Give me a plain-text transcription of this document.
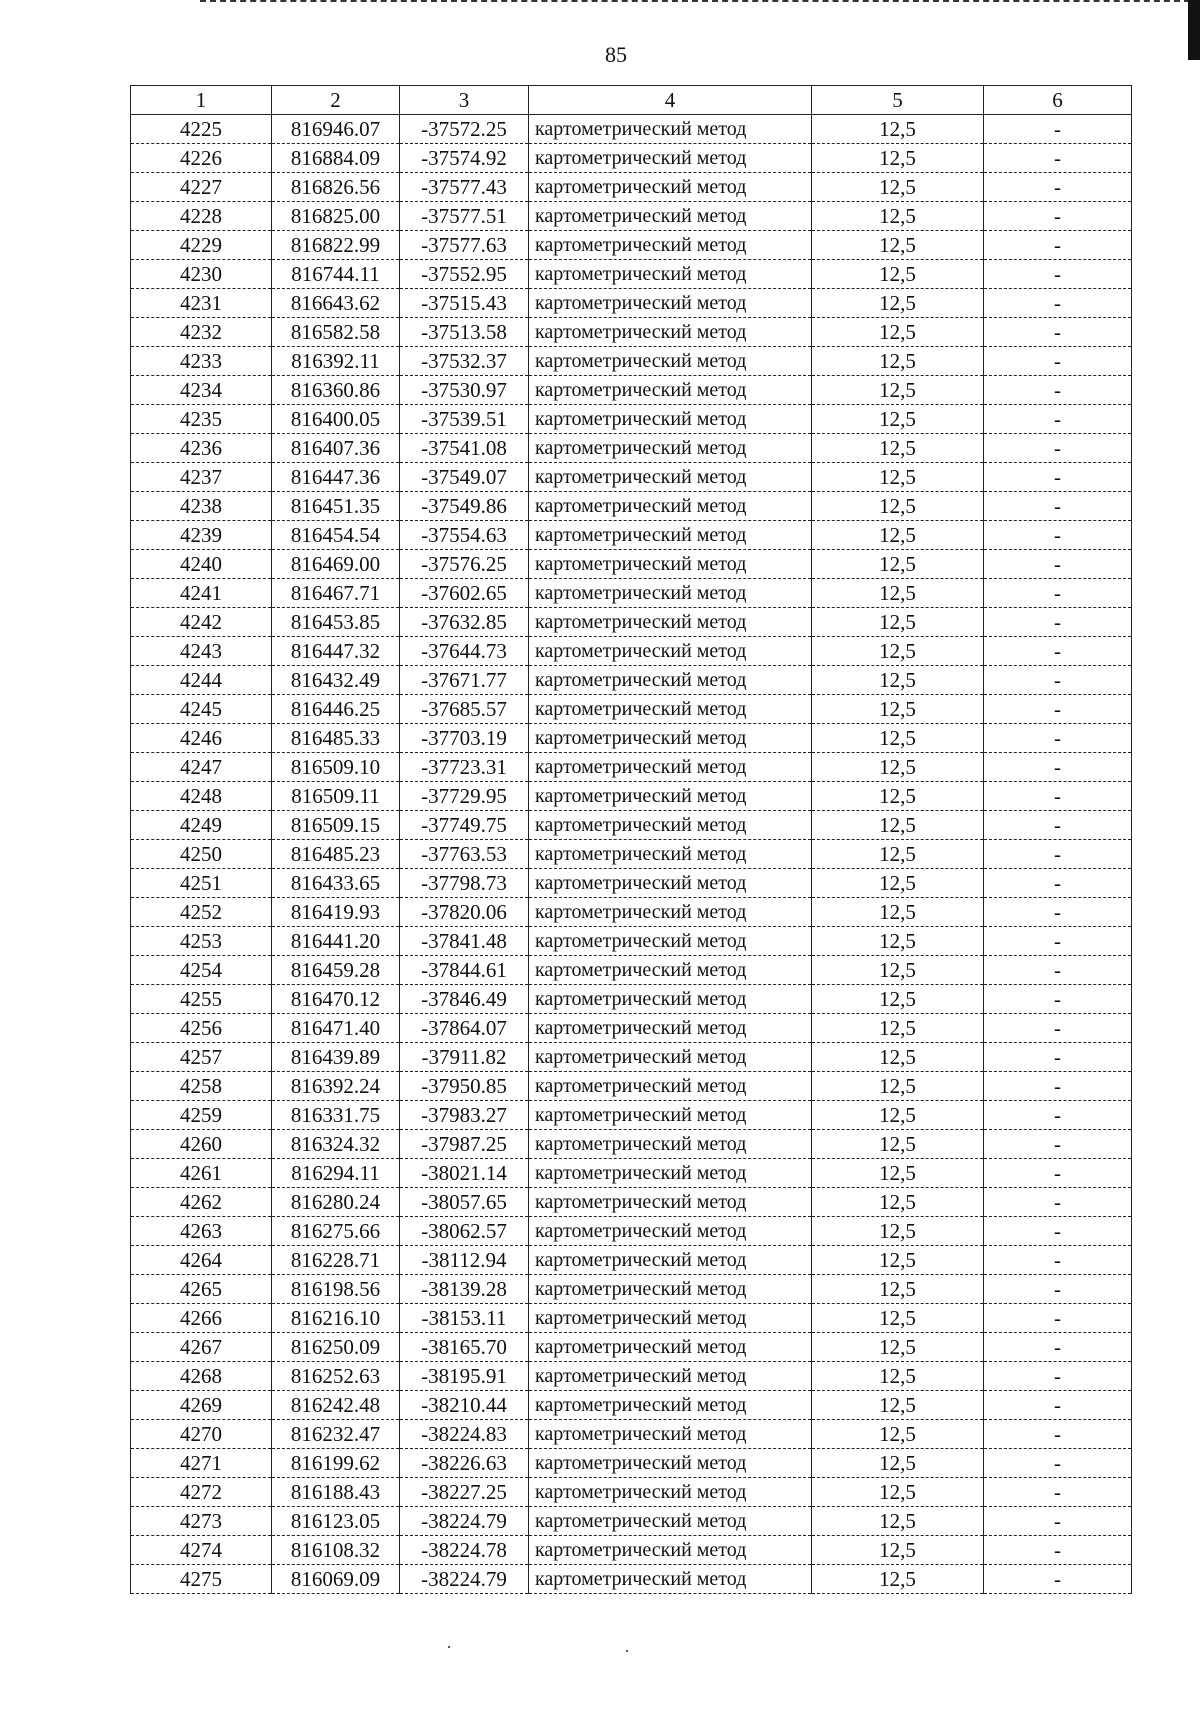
85
1	2	3	4	5	6
4225	816946.07	-37572.25	картометрический метод	12,5	-
4226	816884.09	-37574.92	картометрический метод	12,5	-
4227	816826.56	-37577.43	картометрический метод	12,5	-
4228	816825.00	-37577.51	картометрический метод	12,5	-
4229	816822.99	-37577.63	картометрический метод	12,5	-
4230	816744.11	-37552.95	картометрический метод	12,5	-
4231	816643.62	-37515.43	картометрический метод	12,5	-
4232	816582.58	-37513.58	картометрический метод	12,5	-
4233	816392.11	-37532.37	картометрический метод	12,5	-
4234	816360.86	-37530.97	картометрический метод	12,5	-
4235	816400.05	-37539.51	картометрический метод	12,5	-
4236	816407.36	-37541.08	картометрический метод	12,5	-
4237	816447.36	-37549.07	картометрический метод	12,5	-
4238	816451.35	-37549.86	картометрический метод	12,5	-
4239	816454.54	-37554.63	картометрический метод	12,5	-
4240	816469.00	-37576.25	картометрический метод	12,5	-
4241	816467.71	-37602.65	картометрический метод	12,5	-
4242	816453.85	-37632.85	картометрический метод	12,5	-
4243	816447.32	-37644.73	картометрический метод	12,5	-
4244	816432.49	-37671.77	картометрический метод	12,5	-
4245	816446.25	-37685.57	картометрический метод	12,5	-
4246	816485.33	-37703.19	картометрический метод	12,5	-
4247	816509.10	-37723.31	картометрический метод	12,5	-
4248	816509.11	-37729.95	картометрический метод	12,5	-
4249	816509.15	-37749.75	картометрический метод	12,5	-
4250	816485.23	-37763.53	картометрический метод	12,5	-
4251	816433.65	-37798.73	картометрический метод	12,5	-
4252	816419.93	-37820.06	картометрический метод	12,5	-
4253	816441.20	-37841.48	картометрический метод	12,5	-
4254	816459.28	-37844.61	картометрический метод	12,5	-
4255	816470.12	-37846.49	картометрический метод	12,5	-
4256	816471.40	-37864.07	картометрический метод	12,5	-
4257	816439.89	-37911.82	картометрический метод	12,5	-
4258	816392.24	-37950.85	картометрический метод	12,5	-
4259	816331.75	-37983.27	картометрический метод	12,5	-
4260	816324.32	-37987.25	картометрический метод	12,5	-
4261	816294.11	-38021.14	картометрический метод	12,5	-
4262	816280.24	-38057.65	картометрический метод	12,5	-
4263	816275.66	-38062.57	картометрический метод	12,5	-
4264	816228.71	-38112.94	картометрический метод	12,5	-
4265	816198.56	-38139.28	картометрический метод	12,5	-
4266	816216.10	-38153.11	картометрический метод	12,5	-
4267	816250.09	-38165.70	картометрический метод	12,5	-
4268	816252.63	-38195.91	картометрический метод	12,5	-
4269	816242.48	-38210.44	картометрический метод	12,5	-
4270	816232.47	-38224.83	картометрический метод	12,5	-
4271	816199.62	-38226.63	картометрический метод	12,5	-
4272	816188.43	-38227.25	картометрический метод	12,5	-
4273	816123.05	-38224.79	картометрический метод	12,5	-
4274	816108.32	-38224.78	картометрический метод	12,5	-
4275	816069.09	-38224.79	картометрический метод	12,5	-
